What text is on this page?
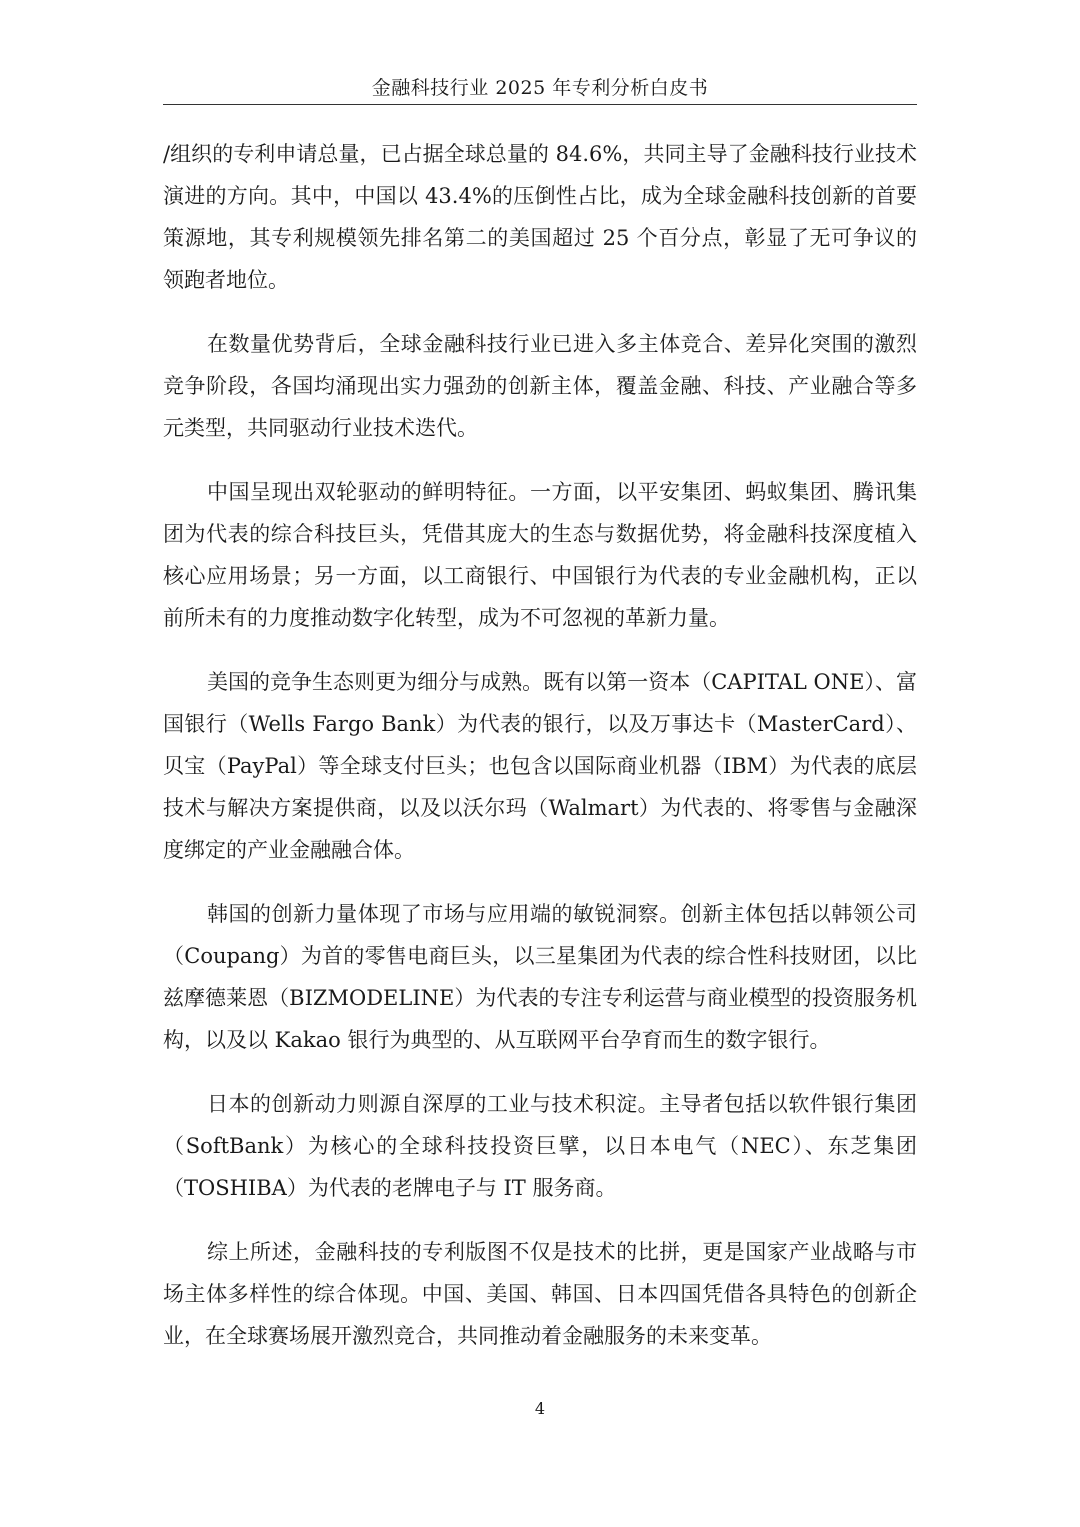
金融科技行业 2025 年专利分析白皮书

/组织的专利申请总量，已占据全球总量的 84.6%，共同主导了金融科技行业技术演进的方向。其中，中国以 43.4%的压倒性占比，成为全球金融科技创新的首要策源地，其专利规模领先排名第二的美国超过 25 个百分点，彰显了无可争议的领跑者地位。

在数量优势背后，全球金融科技行业已进入多主体竞合、差异化突围的激烈竞争阶段，各国均涌现出实力强劲的创新主体，覆盖金融、科技、产业融合等多元类型，共同驱动行业技术迭代。

中国呈现出双轮驱动的鲜明特征。一方面，以平安集团、蚂蚁集团、腾讯集团为代表的综合科技巨头，凭借其庞大的生态与数据优势，将金融科技深度植入核心应用场景；另一方面，以工商银行、中国银行为代表的专业金融机构，正以前所未有的力度推动数字化转型，成为不可忽视的革新力量。

美国的竞争生态则更为细分与成熟。既有以第一资本（CAPITAL ONE）、富国银行（Wells Fargo Bank）为代表的银行，以及万事达卡（MasterCard）、贝宝（PayPal）等全球支付巨头；也包含以国际商业机器（IBM）为代表的底层技术与解决方案提供商，以及以沃尔玛（Walmart）为代表的、将零售与金融深度绑定的产业金融融合体。

韩国的创新力量体现了市场与应用端的敏锐洞察。创新主体包括以韩领公司（Coupang）为首的零售电商巨头，以三星集团为代表的综合性科技财团，以比兹摩德莱恩（BIZMODELINE）为代表的专注专利运营与商业模型的投资服务机构，以及以 Kakao 银行为典型的、从互联网平台孕育而生的数字银行。

日本的创新动力则源自深厚的工业与技术积淀。主导者包括以软件银行集团（SoftBank）为核心的全球科技投资巨擘，以日本电气（NEC）、东芝集团（TOSHIBA）为代表的老牌电子与 IT 服务商。

综上所述，金融科技的专利版图不仅是技术的比拼，更是国家产业战略与市场主体多样性的综合体现。中国、美国、韩国、日本四国凭借各具特色的创新企业，在全球赛场展开激烈竞合，共同推动着金融服务的未来变革。

4
